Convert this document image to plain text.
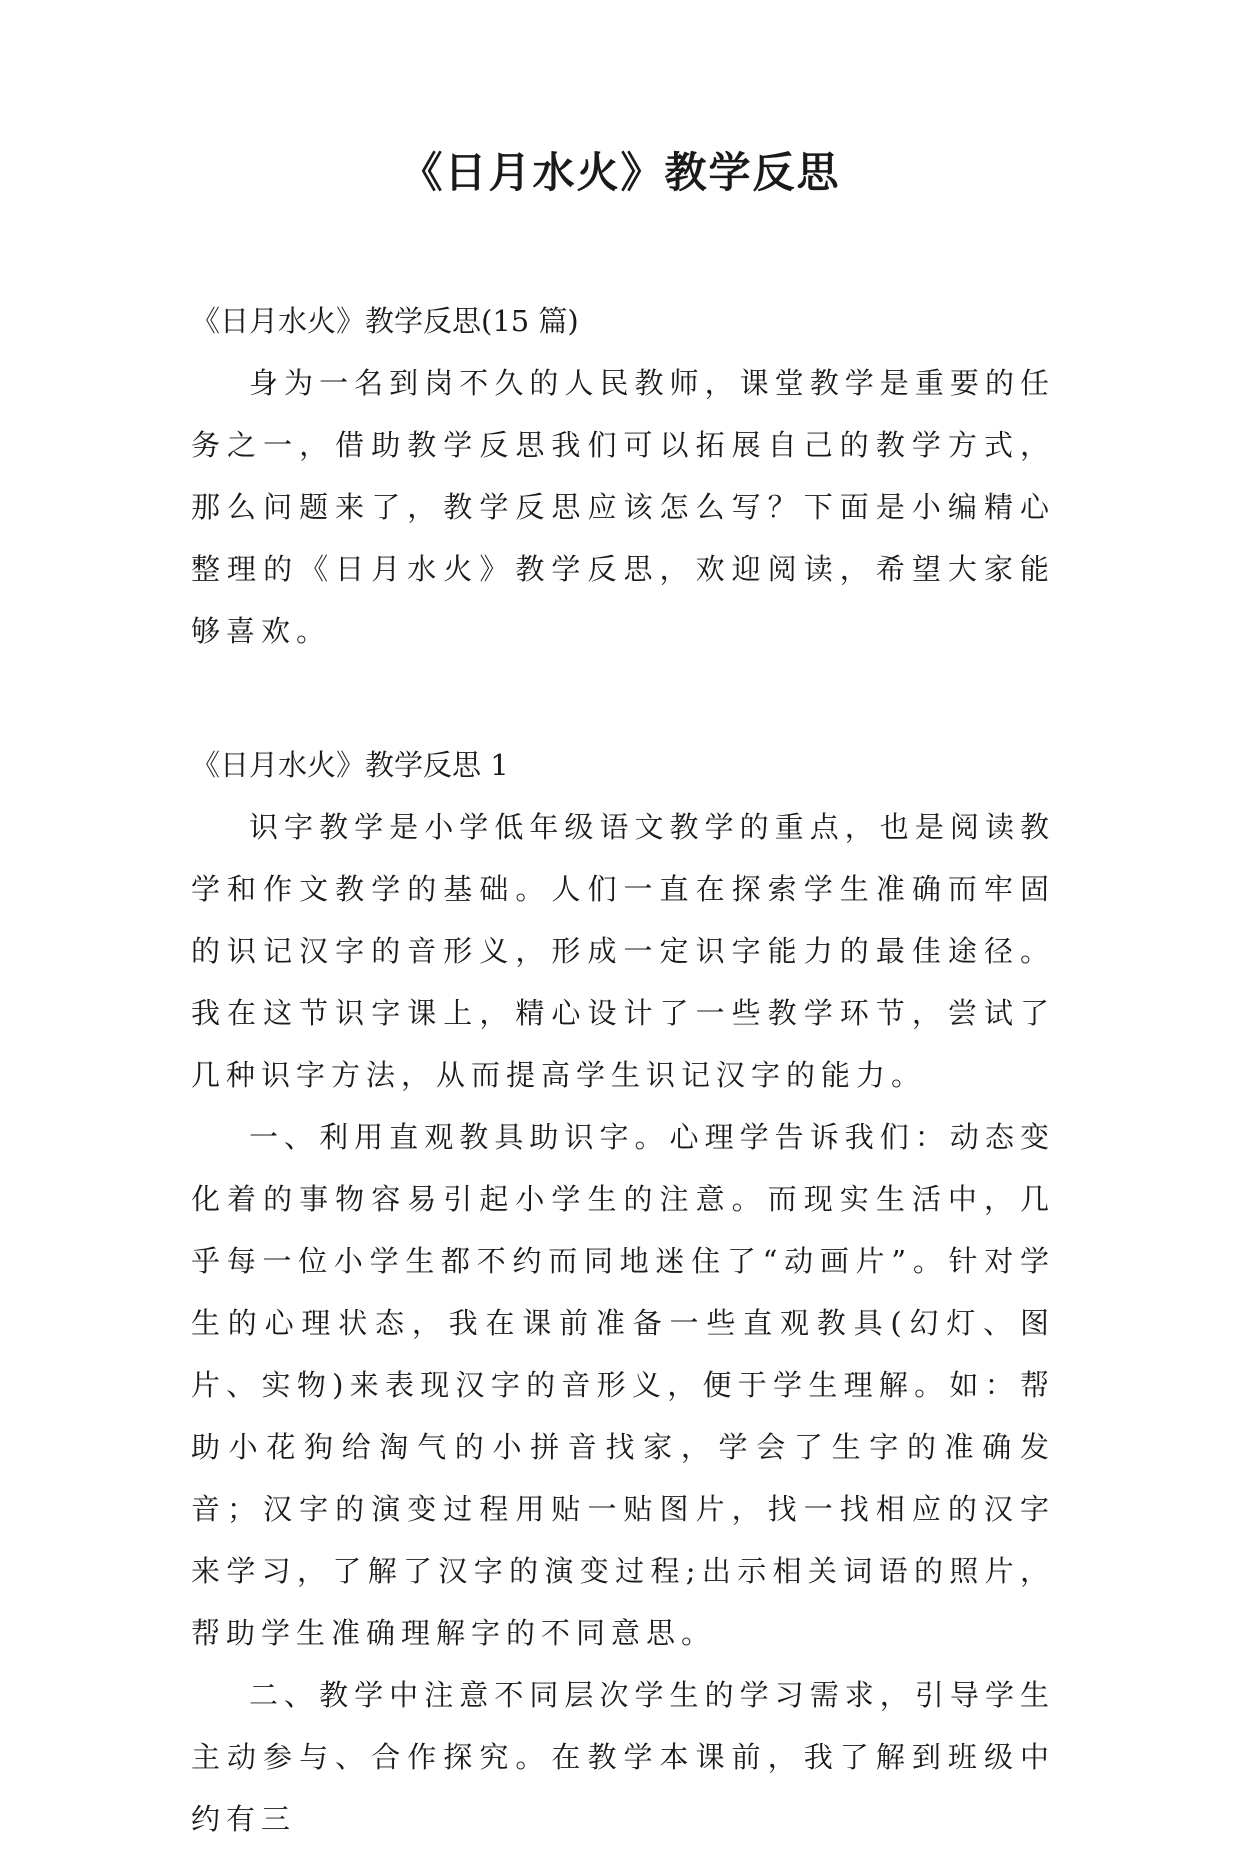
《日月水火》教学反思

《日月水火》教学反思(15 篇)

身为一名到岗不久的人民教师，课堂教学是重要的任务之一，借助教学反思我们可以拓展自己的教学方式，那么问题来了，教学反思应该怎么写？下面是小编精心整理的《日月水火》教学反思，欢迎阅读，希望大家能够喜欢。

《日月水火》教学反思 1

识字教学是小学低年级语文教学的重点，也是阅读教学和作文教学的基础。人们一直在探索学生准确而牢固的识记汉字的音形义，形成一定识字能力的最佳途径。我在这节识字课上，精心设计了一些教学环节，尝试了几种识字方法，从而提高学生识记汉字的能力。

一、利用直观教具助识字。心理学告诉我们：动态变化着的事物容易引起小学生的注意。而现实生活中，几乎每一位小学生都不约而同地迷住了“动画片”。针对学生的心理状态，我在课前准备一些直观教具(幻灯、图片、实物)来表现汉字的音形义，便于学生理解。如：帮助小花狗给淘气的小拼音找家，学会了生字的准确发音；汉字的演变过程用贴一贴图片，找一找相应的汉字来学习，了解了汉字的演变过程;出示相关词语的照片，帮助学生准确理解字的不同意思。

二、教学中注意不同层次学生的学习需求，引导学生主动参与、合作探究。在教学本课前，我了解到班级中约有三
